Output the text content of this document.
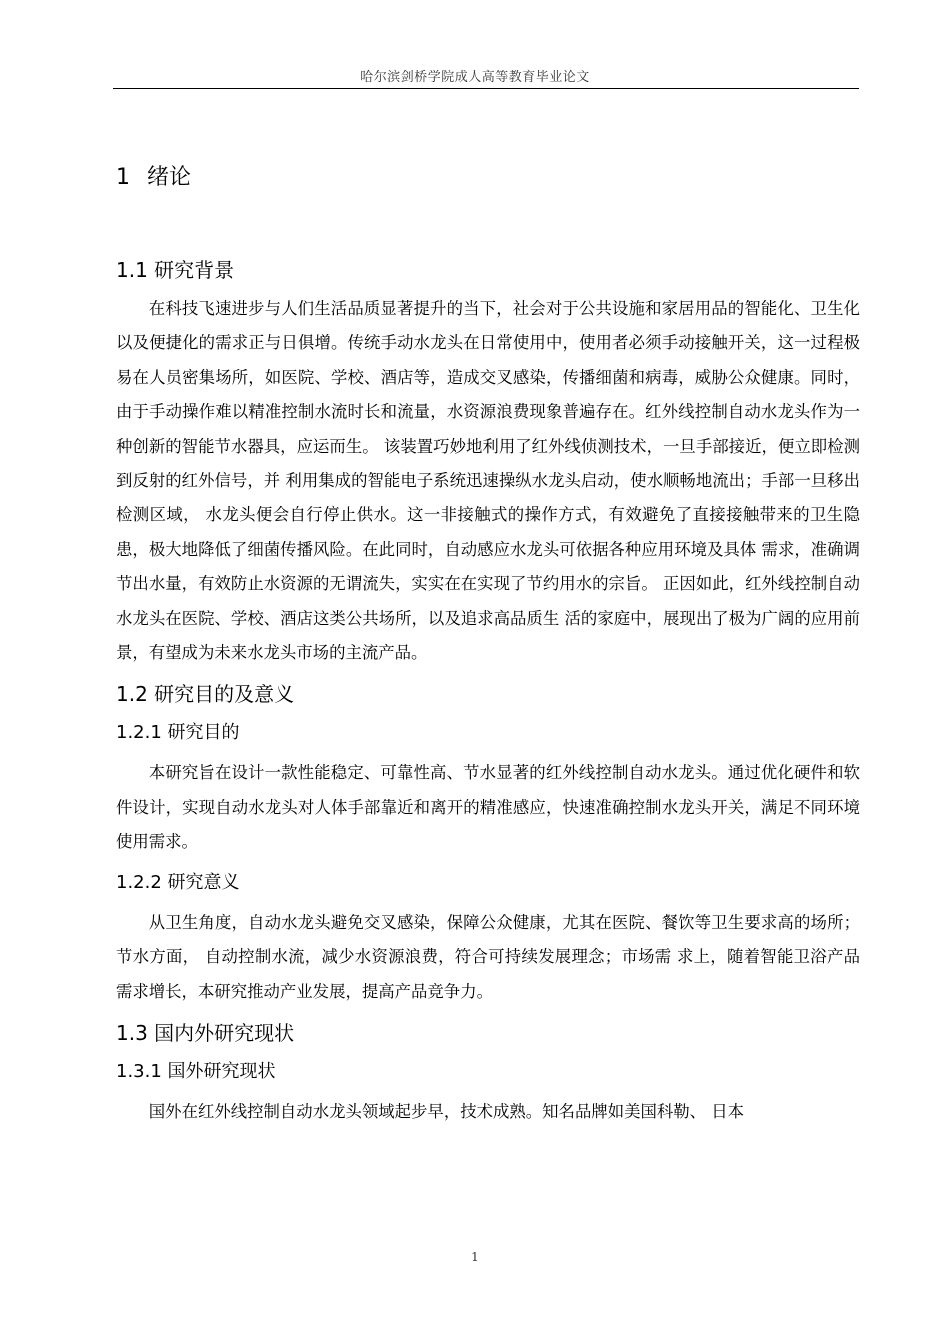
哈尔滨剑桥学院成人高等教育毕业论文
1 绪论
1.1 研究背景

在科技飞速进步与人们生活品质显著提升的当下，社会对于公共设施和家居用品的智能化、卫生化以及便捷化的需求正与日俱增。传统手动水龙头在日常使用中，使用者必须手动接触开关，这一过程极易在人员密集场所，如医院、学校、酒店等，造成交叉感染，传播细菌和病毒，威胁公众健康。同时，由于手动操作难以精准控制水流时长和流量，水资源浪费现象普遍存在。红外线控制自动水龙头作为一种创新的智能节水器具，应运而生。 该装置巧妙地利用了红外线侦测技术，一旦手部接近，便立即检测到反射的红外信号，并 利用集成的智能电子系统迅速操纵水龙头启动，使水顺畅地流出；手部一旦移出检测区域， 水龙头便会自行停止供水。这一非接触式的操作方式，有效避免了直接接触带来的卫生隐 患，极大地降低了细菌传播风险。在此同时，自动感应水龙头可依据各种应用环境及具体 需求，准确调节出水量，有效防止水资源的无谓流失，实实在在实现了节约用水的宗旨。 正因如此，红外线控制自动水龙头在医院、学校、酒店这类公共场所，以及追求高品质生 活的家庭中，展现出了极为广阔的应用前景，有望成为未来水龙头市场的主流产品。

1.2 研究目的及意义
1.2.1 研究目的

本研究旨在设计一款性能稳定、可靠性高、节水显著的红外线控制自动水龙头。通过优化硬件和软件设计，实现自动水龙头对人体手部靠近和离开的精准感应，快速准确控制水龙头开关，满足不同环境使用需求。

1.2.2 研究意义

从卫生角度，自动水龙头避免交叉感染，保障公众健康，尤其在医院、餐饮等卫生要求高的场所；节水方面， 自动控制水流，减少水资源浪费，符合可持续发展理念；市场需 求上，随着智能卫浴产品需求增长，本研究推动产业发展，提高产品竞争力。

1.3 国内外研究现状
1.3.1 国外研究现状

国外在红外线控制自动水龙头领域起步早，技术成熟。知名品牌如美国科勒、 日本

1
